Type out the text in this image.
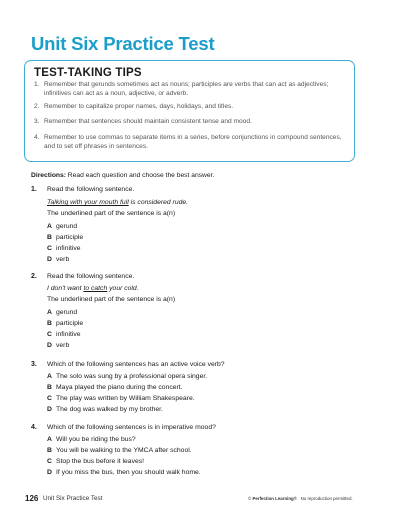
Unit Six Practice Test
TEST-TAKING TIPS
1. Remember that gerunds sometimes act as nouns; participles are verbs that can act as adjectives; infinitives can act as a noun, adjective, or adverb.
2. Remember to capitalize proper names, days, holidays, and titles.
3. Remember that sentences should maintain consistent tense and mood.
4. Remember to use commas to separate items in a series, before conjunctions in compound sentences, and to set off phrases in sentences.
Directions: Read each question and choose the best answer.
1. Read the following sentence.
Talking with your mouth full is considered rude.
The underlined part of the sentence is a(n)
A gerund
B participle
C infinitive
D verb
2. Read the following sentence.
I don't want to catch your cold.
The underlined part of the sentence is a(n)
A gerund
B participle
C infinitive
D verb
3. Which of the following sentences has an active voice verb?
A The solo was sung by a professional opera singer.
B Maya played the piano during the concert.
C The play was written by William Shakespeare.
D The dog was walked by my brother.
4. Which of the following sentences is in imperative mood?
A Will you be riding the bus?
B You will be walking to the YMCA after school.
C Stop the bus before it leaves!
D If you miss the bus, then you should walk home.
126 Unit Six Practice Test	© Perfection Learning® No reproduction permitted.
